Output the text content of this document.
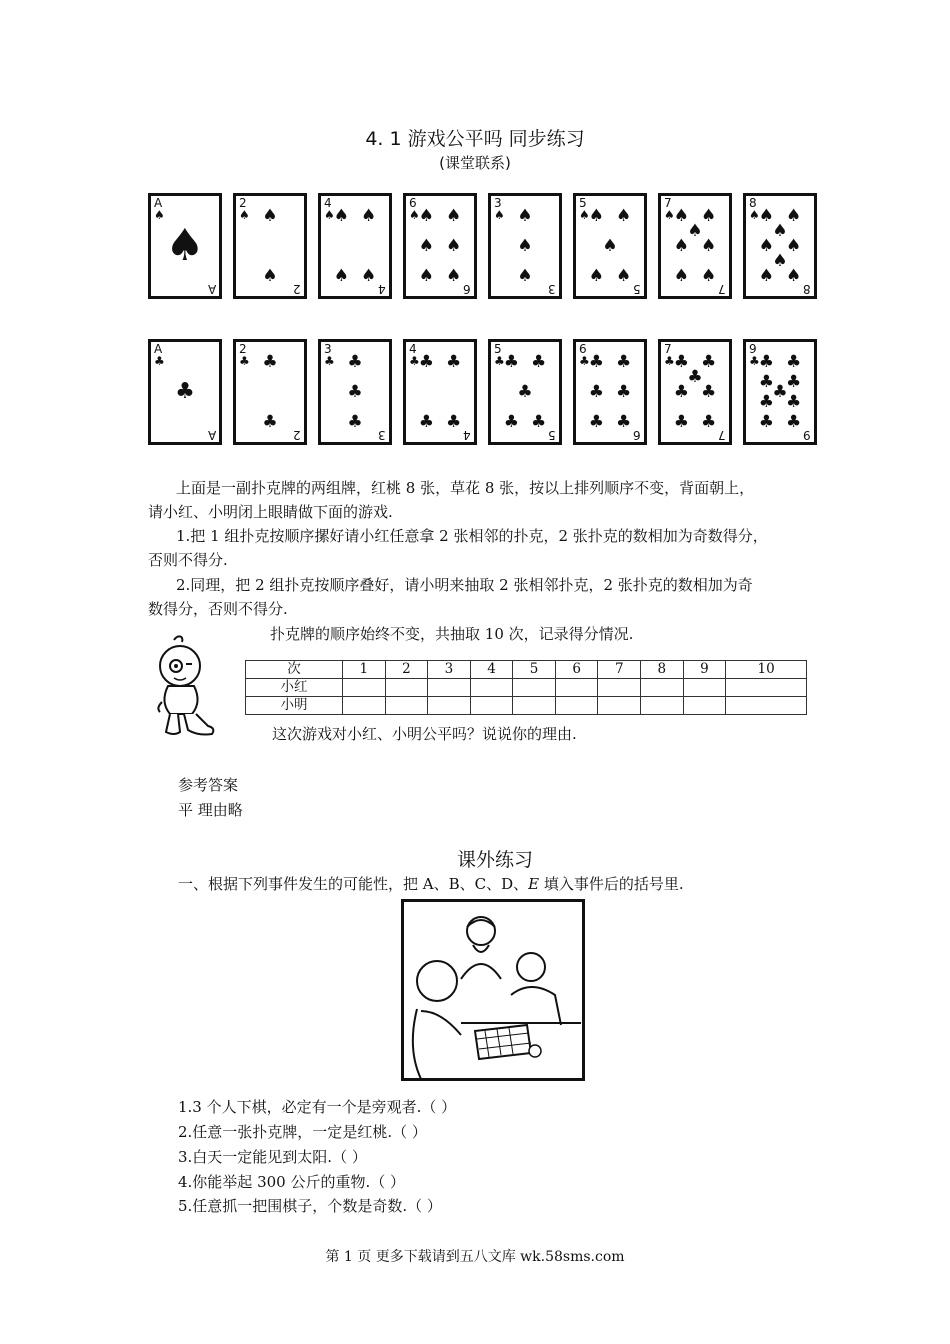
4. 1 游戏公平吗 同步练习
(课堂联系)
A
♠
A
♠
2
♠
2
♠
♠
4
♠
4
♠ ♠
♠ ♠
6
♠
6
♠ ♠
♠ ♠
♠ ♠
3
♠
3
♠
♠
♠
5
♠
5
♠ ♠
♠
♠ ♠
7
♠
7
♠ ♠
♠
♠ ♠
♠ ♠
8
♠
8
♠ ♠
♠
♠ ♠
♠
♠ ♠
A
♣
A
♣
2
♣
2
♣
♣
3
♣
3
♣
♣
♣
4
♣
4
♣ ♣
♣ ♣
5
♣
5
♣ ♣
♣
♣ ♣
6
♣
6
♣ ♣
♣ ♣
♣ ♣
7
♣
7
♣ ♣
♣
♣ ♣
♣ ♣
9
♣
9
♣ ♣
♣ ♣
♣
♣ ♣
♣ ♣
上面是一副扑克牌的两组牌，红桃 8 张，草花 8 张，按以上排列顺序不变，背面朝上，
请小红、小明闭上眼睛做下面的游戏.
1.把 1 组扑克按顺序摞好请小红任意拿 2 张相邻的扑克，2 张扑克的数相加为奇数得分，
否则不得分.
2.同理，把 2 组扑克按顺序叠好，请小明来抽取 2 张相邻扑克，2 张扑克的数相加为奇
数得分，否则不得分.
扑克牌的顺序始终不变，共抽取 10 次，记录得分情况.
次	1	2	3	4	5	6	7	8	9	10
小红										
小明										
这次游戏对小红、小明公平吗？说说你的理由.
参考答案
平 理由略
课外练习
一、根据下列事件发生的可能性，把 A、B、C、D、E 填入事件后的括号里.
1.3 个人下棋，必定有一个是旁观者.（ ）
2.任意一张扑克牌，一定是红桃.（ ）
3.白天一定能见到太阳.（ ）
4.你能举起 300 公斤的重物.（ ）
5.任意抓一把围棋子，个数是奇数.（ ）
第 1 页 更多下载请到五八文库 wk.58sms.com
